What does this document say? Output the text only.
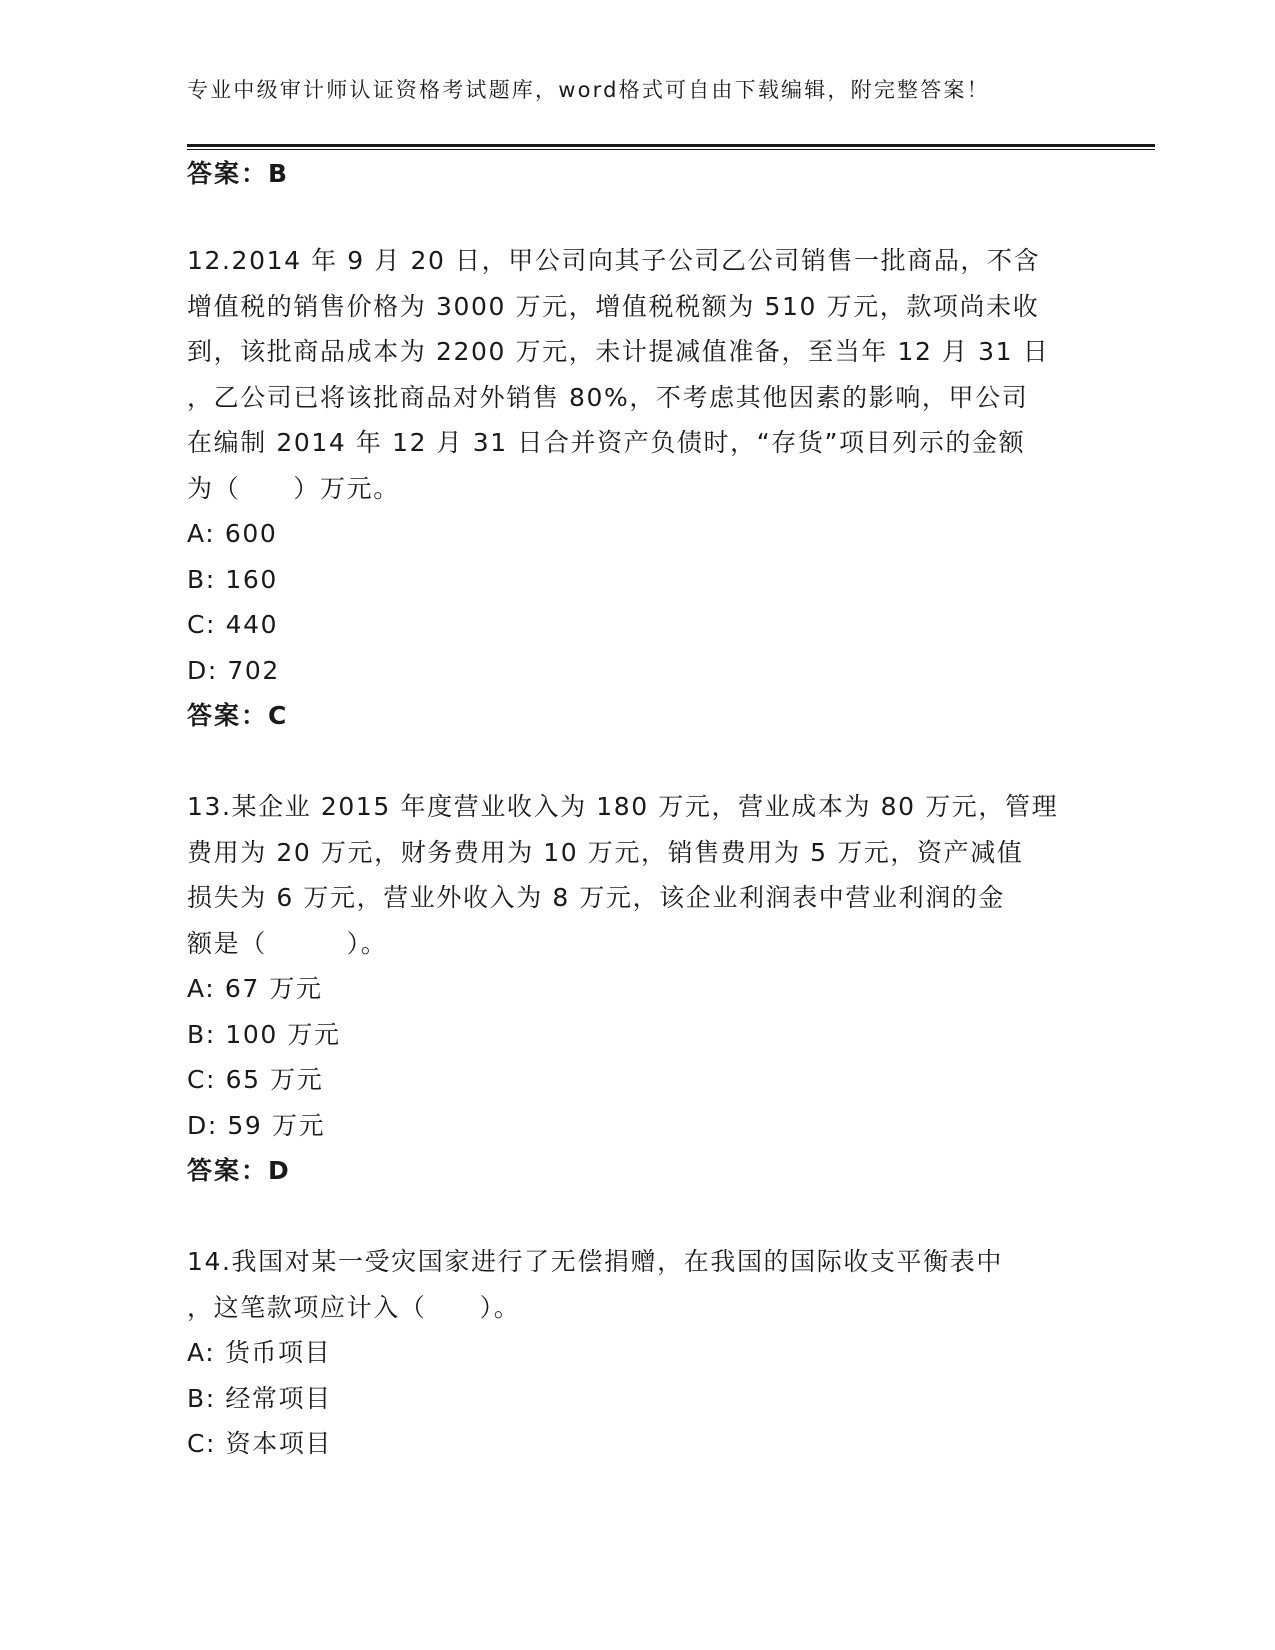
专业中级审计师认证资格考试题库，word格式可自由下载编辑，附完整答案！
答案：B
12.2014 年 9 月 20 日，甲公司向其子公司乙公司销售一批商品，不含
增值税的销售价格为 3000 万元，增值税税额为 510 万元，款项尚未收
到，该批商品成本为 2200 万元，未计提减值准备，至当年 12 月 31 日
，乙公司已将该批商品对外销售 80%，不考虑其他因素的影响，甲公司
在编制 2014 年 12 月 31 日合并资产负债时，“存货”项目列示的金额
为（　　）万元。
A: 600
B: 160
C: 440
D: 702
答案：C
13.某企业 2015 年度营业收入为 180 万元，营业成本为 80 万元，管理
费用为 20 万元，财务费用为 10 万元，销售费用为 5 万元，资产减值
损失为 6 万元，营业外收入为 8 万元，该企业利润表中营业利润的金
额是（　　　）。
A: 67 万元
B: 100 万元
C: 65 万元
D: 59 万元
答案：D
14.我国对某一受灾国家进行了无偿捐赠，在我国的国际收支平衡表中
，这笔款项应计入（　　）。
A: 货币项目
B: 经常项目
C: 资本项目
